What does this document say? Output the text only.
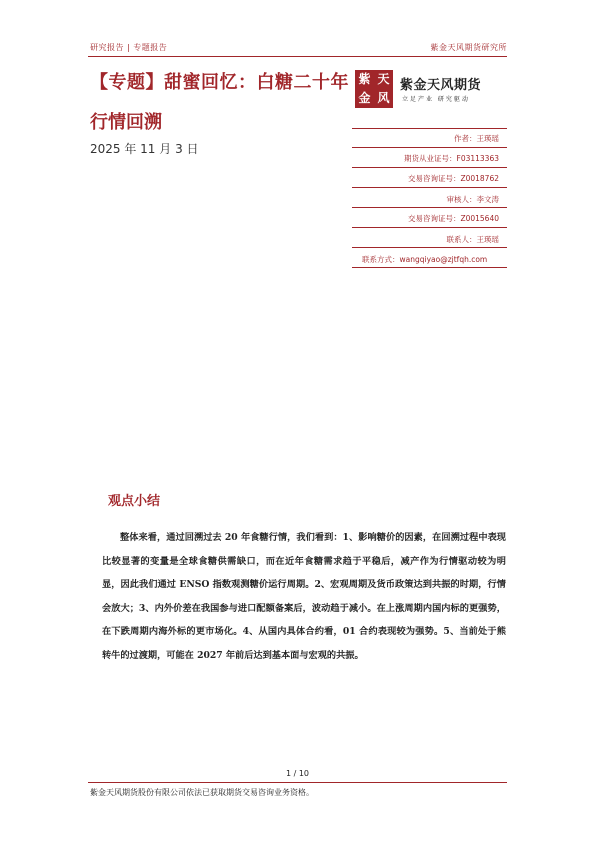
研究报告 | 专题报告	紫金天风期货研究所
【专题】甜蜜回忆：白糖二十年
行情回溯
2025 年 11 月 3 日
紫 天
金 风
紫金天风期货
立足产业 研究驱动
作者：王瑛瑶
期货从业证号：F03113363
交易咨询证号：Z0018762
审核人：李文涛
交易咨询证号：Z0015640
联系人：王瑛瑶
联系方式：wangqiyao@zjtfqh.com
观点小结
整体来看，通过回溯过去 20 年食糖行情，我们看到：1、影响糖价的因素，在回溯过程中表现比较显著的变量是全球食糖供需缺口，而在近年食糖需求趋于平稳后，减产作为行情驱动较为明显，因此我们通过 ENSO 指数观测糖价运行周期。2、宏观周期及货币政策达到共振的时期，行情会放大；3、内外价差在我国参与进口配额备案后，波动趋于减小。在上涨周期内国内标的更强势，在下跌周期内海外标的更市场化。4、从国内具体合约看，01 合约表现较为强势。5、当前处于熊转牛的过渡期，可能在 2027 年前后达到基本面与宏观的共振。
1 / 10
紫金天风期货股份有限公司依法已获取期货交易咨询业务资格。
